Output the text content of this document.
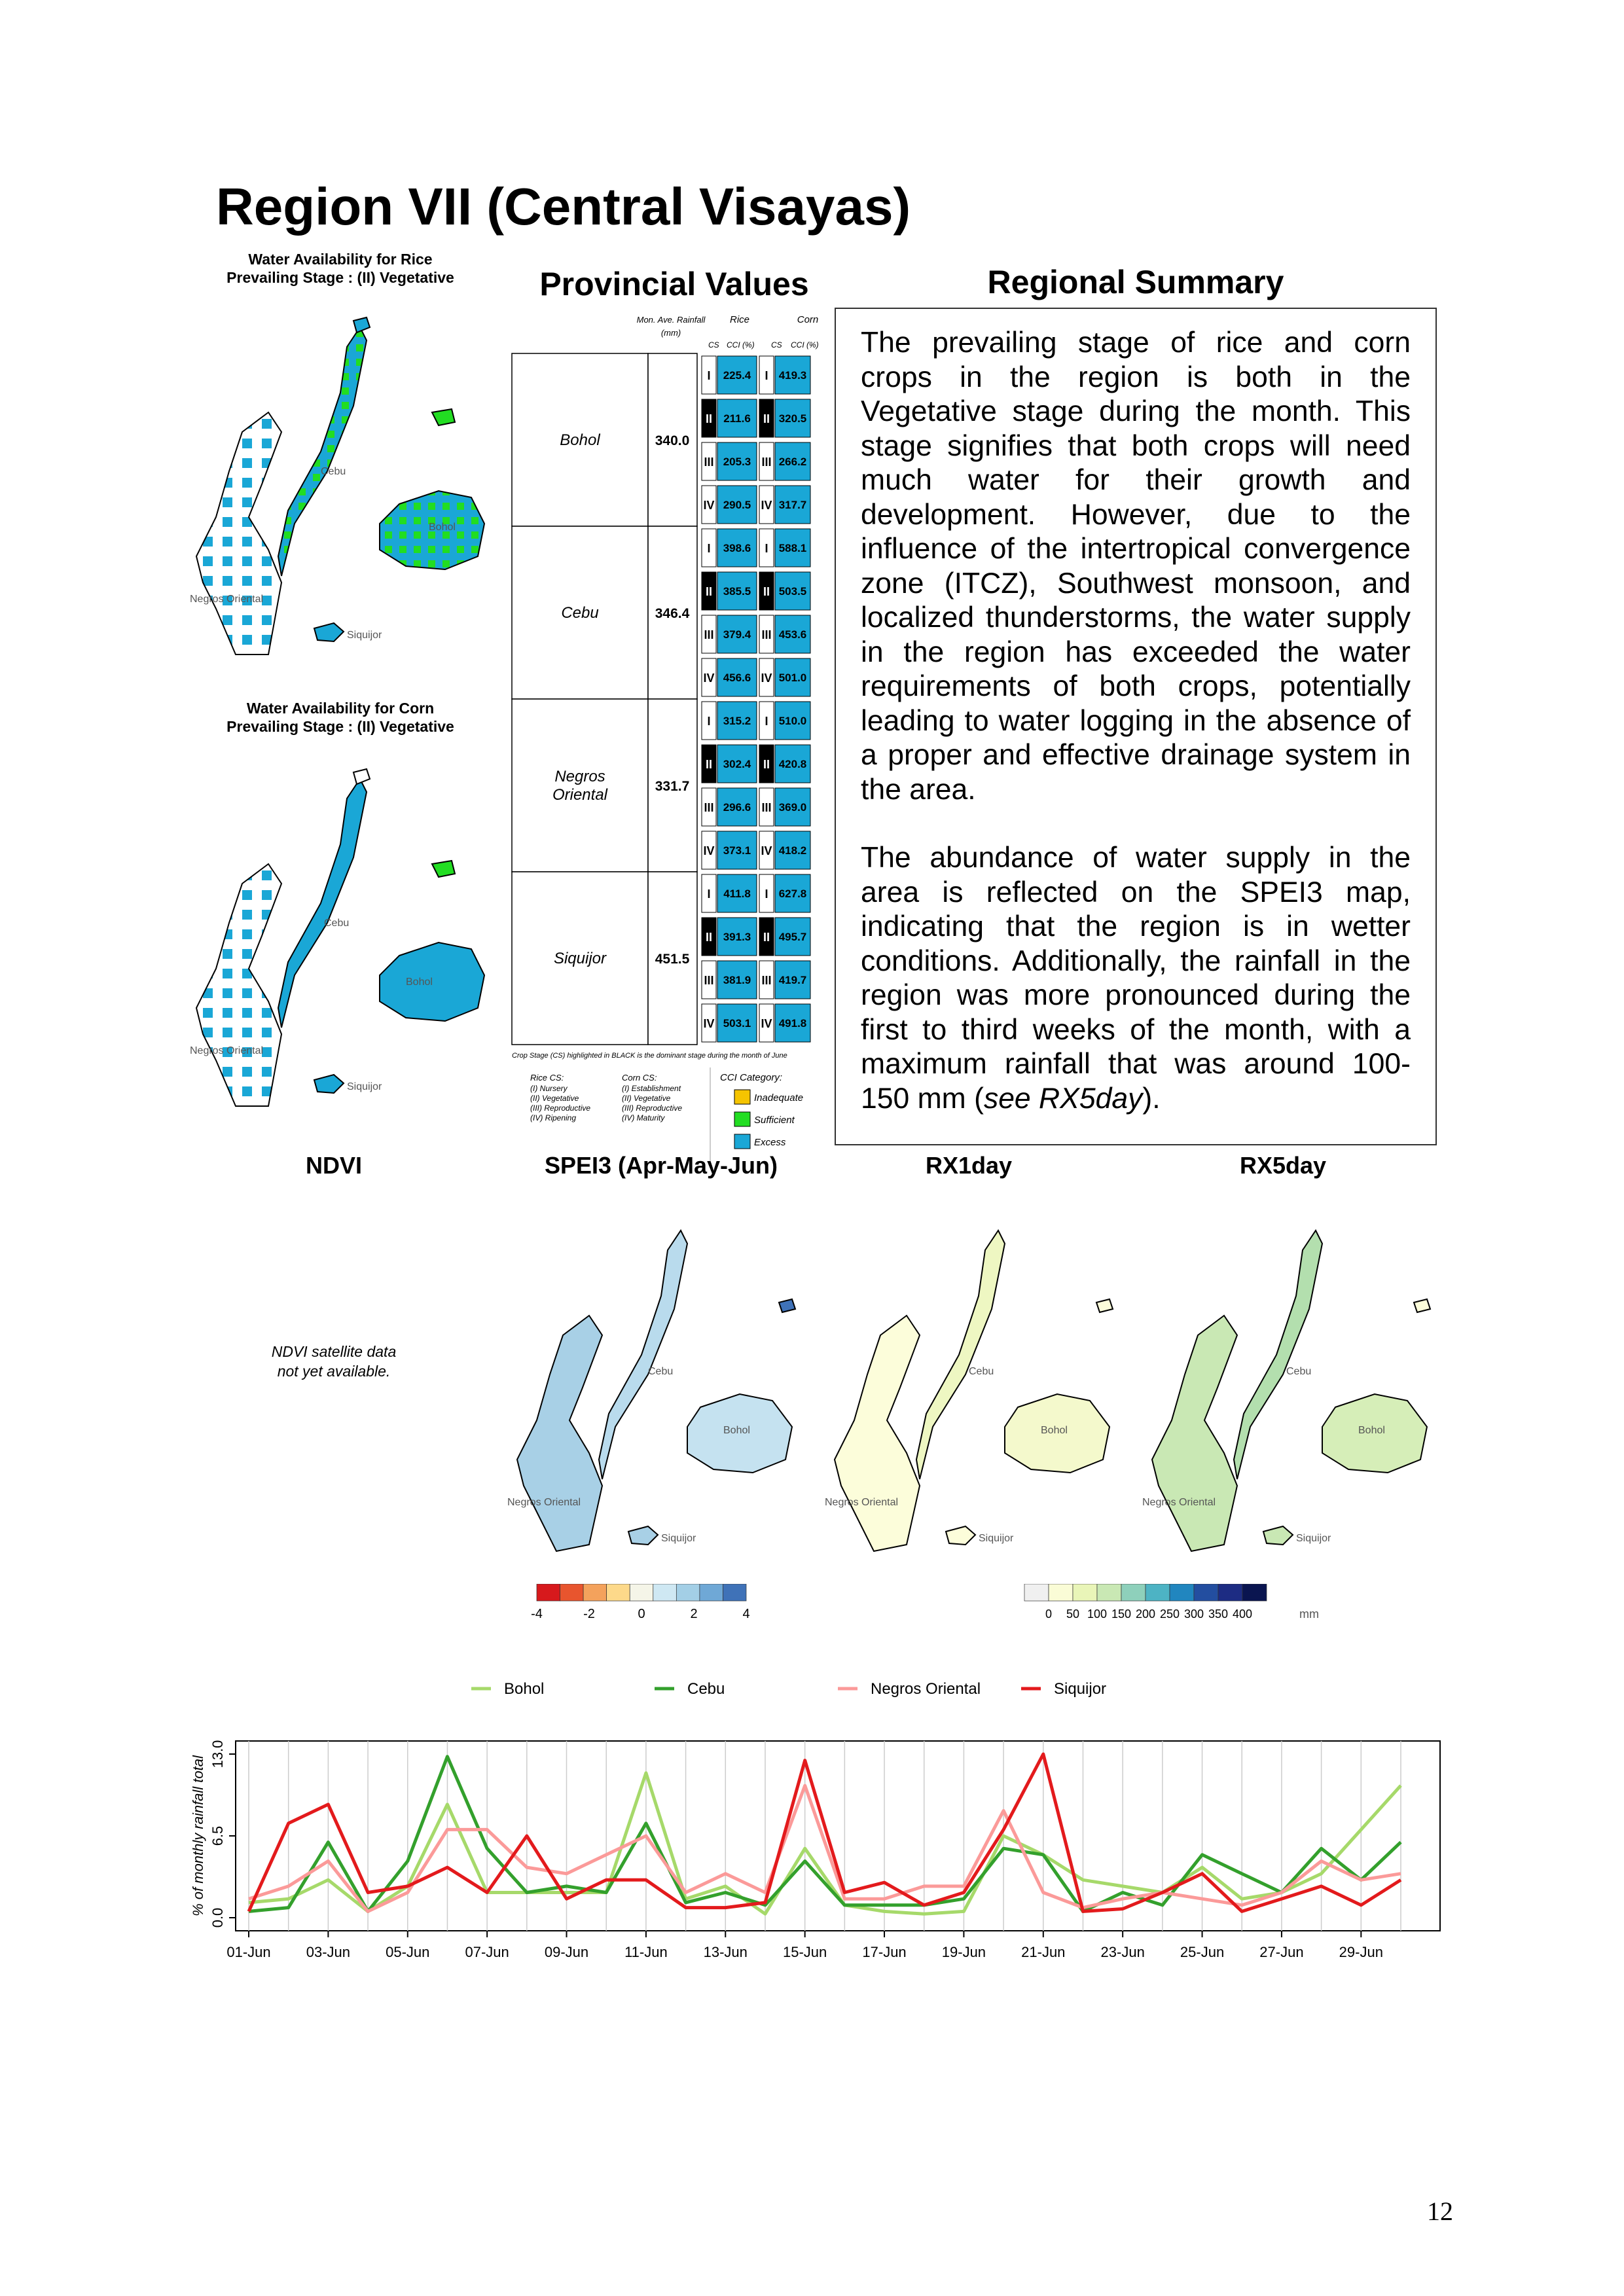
Region VII (Central Visayas)
Water Availability for Rice
Prevailing Stage : (II) Vegetative
Cebu
Bohol
Negros Oriental
Siquijor
Water Availability for Corn
Prevailing Stage : (II) Vegetative
Cebu
Bohol
Negros Oriental
Siquijor
Provincial Values
Mon. Ave. Rainfall
(mm)
Rice	Corn
CS CCI (%) CS CCI (%)
Bohol	340.0
I 225.4 I 419.3
II 211.6 II 320.5
III 205.3 III 266.2
IV 290.5 IV 317.7
Cebu	346.4
I 398.6 I 588.1
II 385.5 II 503.5
III 379.4 III 453.6
IV 456.6 IV 501.0
Negros
Oriental	331.7
I 315.2 I 510.0
II 302.4 II 420.8
III 296.6 III 369.0
IV 373.1 IV 418.2
Siquijor	451.5
I 411.8 I 627.8
II 391.3 II 495.7
III 381.9 III 419.7
IV 503.1 IV 491.8
Crop Stage (CS) highlighted in BLACK is the dominant stage during the month of June
Rice CS:
(I) Nursery
(II) Vegetative
(III) Reproductive
(IV) Ripening
Corn CS:
(I) Establishment
(II) Vegetative
(III) Reproductive
(IV) Maturity
CCI Category:
Inadequate
Sufficient
Excess
Regional Summary

The prevailing stage of rice and corn crops in the region is both in the Vegetative stage during the month. This stage signifies that both crops will need much water for their growth and development. However, due to the influence of the intertropical convergence zone (ITCZ), Southwest monsoon, and localized thunderstorms, the water supply in the region has exceeded the water requirements of both crops, potentially leading to water logging in the absence of a proper and effective drainage system in the area.

The abundance of water supply in the area is reflected on the SPEI3 map, indicating that the region is in wetter conditions. Additionally, the rainfall in the region was more pronounced during the first to third weeks of the month, with a maximum rainfall that was around 100-150 mm (see RX5day).

NDVI	SPEI3 (Apr-May-Jun)	RX1day	RX5day
NDVI satellite data not yet available.	Cebu
Bohol
Negros Oriental
Siquijor
Cebu
Bohol
Negros Oriental
Siquijor
Cebu
Bohol
Negros Oriental
Siquijor
-4	-2	0	2	4	0 50 100 150 200 250 300 350 400	mm
Bohol	Cebu	Negros Oriental	Siquijor
0.0
6.5
13.0
% of monthly rainfall total
01-Jun 03-Jun 05-Jun 07-Jun 09-Jun 11-Jun 13-Jun 15-Jun 17-Jun 19-Jun 21-Jun 23-Jun 25-Jun 27-Jun 29-Jun
12
